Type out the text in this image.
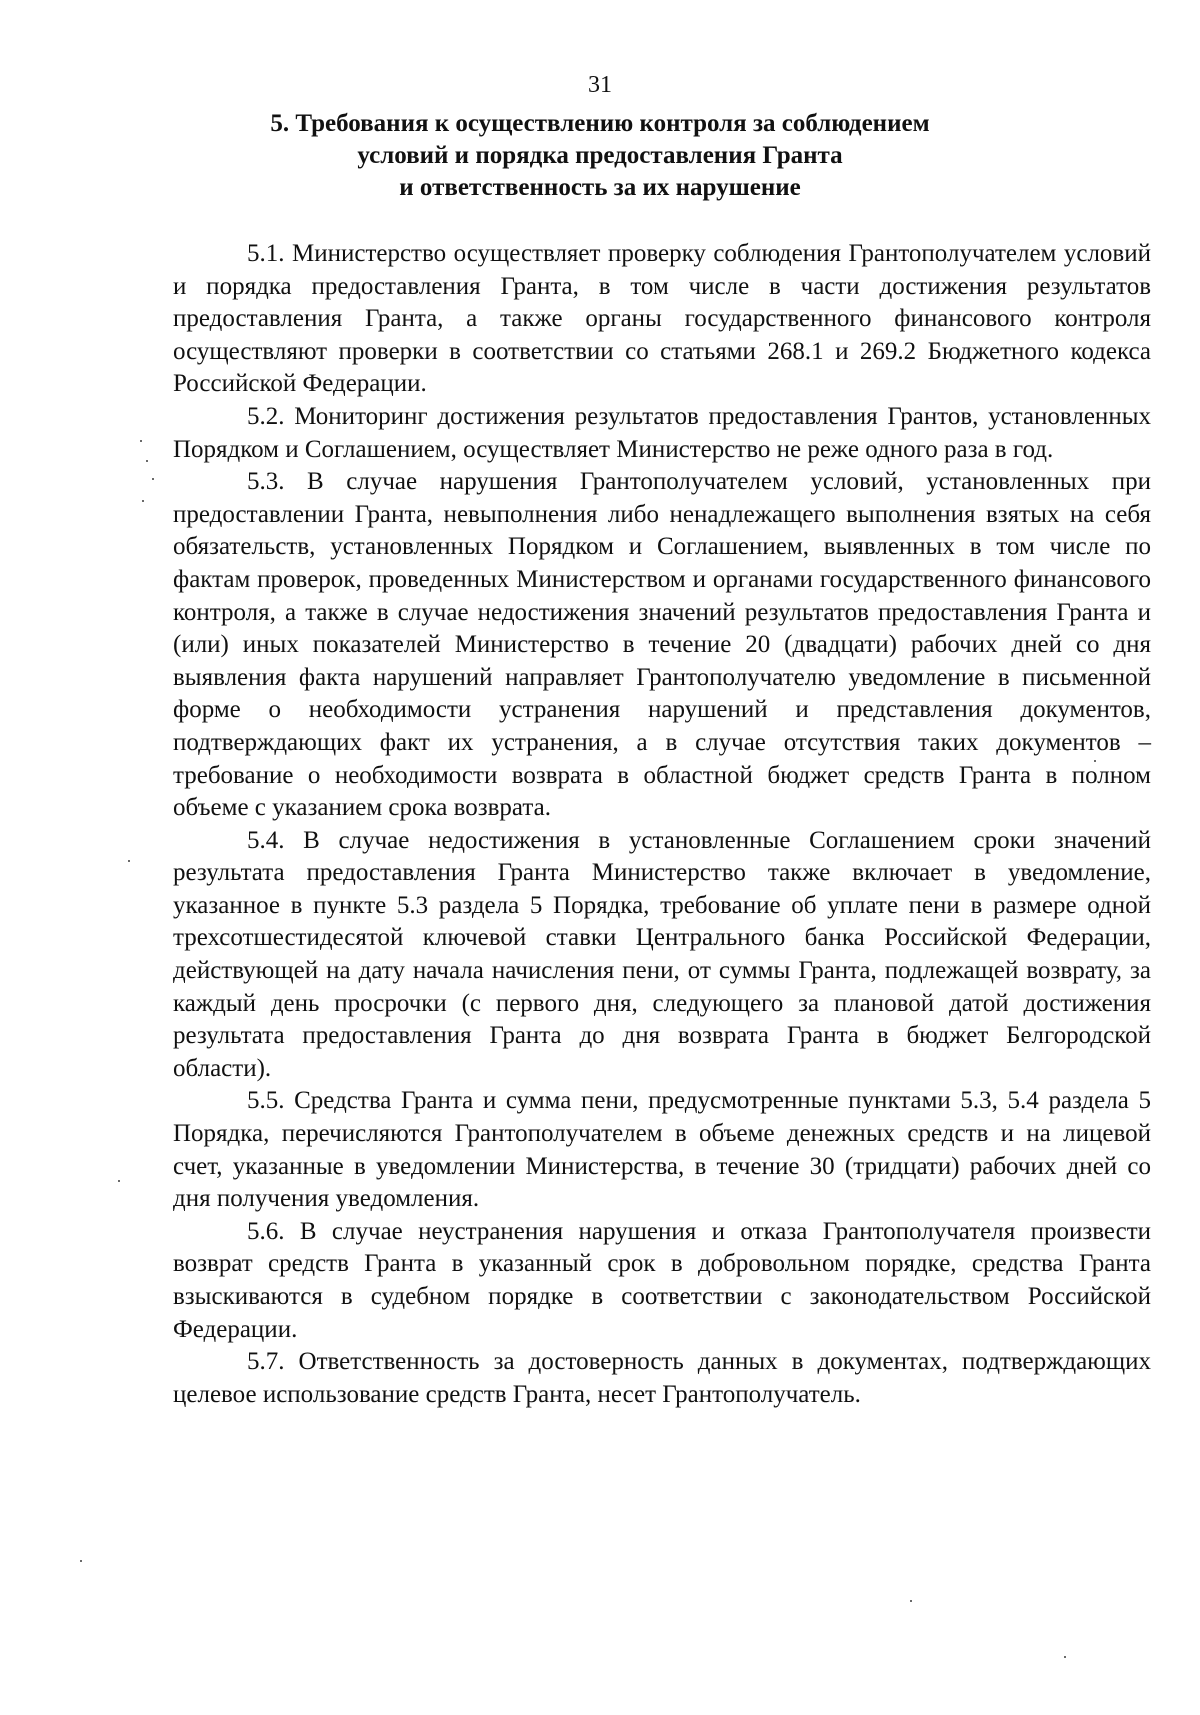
31
5. Требования к осуществлению контроля за соблюдением
условий и порядка предоставления Гранта
и ответственность за их нарушение

5.1. Министерство осуществляет проверку соблюдения Грантополучателем условий и порядка предоставления Гранта, в том числе в части достижения результатов предоставления Гранта, а также органы государственного финансового контроля осуществляют проверки в соответствии со статьями 268.1 и 269.2 Бюджетного кодекса Российской Федерации.

5.2. Мониторинг достижения результатов предоставления Грантов, установленных Порядком и Соглашением, осуществляет Министерство не реже одного раза в год.

5.3. В случае нарушения Грантополучателем условий, установленных при предоставлении Гранта, невыполнения либо ненадлежащего выполнения взятых на себя обязательств, установленных Порядком и Соглашением, выявленных в том числе по фактам проверок, проведенных Министерством и органами государственного финансового контроля, а также в случае недостижения значений результатов предоставления Гранта и (или) иных показателей Министерство в течение 20 (двадцати) рабочих дней со дня выявления факта нарушений направляет Грантополучателю уведомление в письменной форме о необходимости устранения нарушений и представления документов, подтверждающих факт их устранения, а в случае отсутствия таких документов – требование о необходимости возврата в областной бюджет средств Гранта в полном объеме с указанием срока возврата.

5.4. В случае недостижения в установленные Соглашением сроки значений результата предоставления Гранта Министерство также включает в уведомление, указанное в пункте 5.3 раздела 5 Порядка, требование об уплате пени в размере одной трехсотшестидесятой ключевой ставки Центрального банка Российской Федерации, действующей на дату начала начисления пени, от суммы Гранта, подлежащей возврату, за каждый день просрочки (с первого дня, следующего за плановой датой достижения результата предоставления Гранта до дня возврата Гранта в бюджет Белгородской области).

5.5. Средства Гранта и сумма пени, предусмотренные пунктами 5.3, 5.4 раздела 5 Порядка, перечисляются Грантополучателем в объеме денежных средств и на лицевой счет, указанные в уведомлении Министерства, в течение 30 (тридцати) рабочих дней со дня получения уведомления.

5.6. В случае неустранения нарушения и отказа Грантополучателя произвести возврат средств Гранта в указанный срок в добровольном порядке, средства Гранта взыскиваются в судебном порядке в соответствии с законодательством Российской Федерации.

5.7. Ответственность за достоверность данных в документах, подтверждающих целевое использование средств Гранта, несет Грантополучатель.
